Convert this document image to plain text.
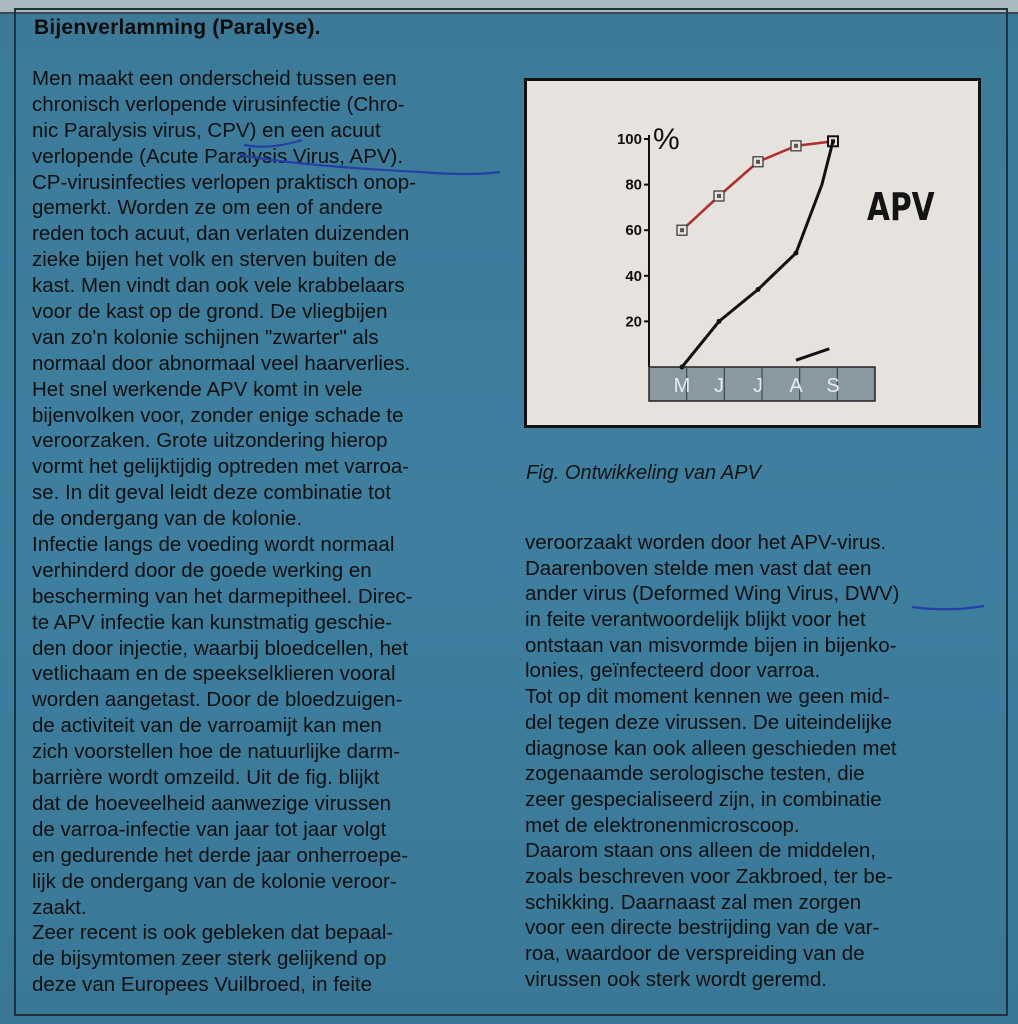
Bijenverlamming (Paralyse).
Men maakt een onderscheid tussen een
chronisch verlopende virusinfectie (Chro-
nic Paralysis virus, CPV) en een acuut
verlopende (Acute Paralysis Virus, APV).
CP-virusinfecties verlopen praktisch onop-
gemerkt. Worden ze om een of andere
reden toch acuut, dan verlaten duizenden
zieke bijen het volk en sterven buiten de
kast. Men vindt dan ook vele krabbelaars
voor de kast op de grond. De vliegbijen
van zo'n kolonie schijnen "zwarter" als
normaal door abnormaal veel haarverlies.
Het snel werkende APV komt in vele
bijenvolken voor, zonder enige schade te
veroorzaken. Grote uitzondering hierop
vormt het gelijktijdig optreden met varroa-
se. In dit geval leidt deze combinatie tot
de ondergang van de kolonie.
Infectie langs de voeding wordt normaal
verhinderd door de goede werking en
bescherming van het darmepitheel. Direc-
te APV infectie kan kunstmatig geschie-
den door injectie, waarbij bloedcellen, het
vetlichaam en de speekselklieren vooral
worden aangetast. Door de bloedzuigen-
de activiteit van de varroamijt kan men
zich voorstellen hoe de natuurlijke darm-
barrière wordt omzeild. Uit de fig. blijkt
dat de hoeveelheid aanwezige virussen
de varroa-infectie van jaar tot jaar volgt
en gedurende het derde jaar onherroepe-
lijk de ondergang van de kolonie veroor-
zaakt.
Zeer recent is ook gebleken dat bepaal-
de bijsymtomen zeer sterk gelijkend op
deze van Europees Vuilbroed, in feite
100
80
60
40
20
%
M J J A S
APV
Fig. Ontwikkeling van APV
veroorzaakt worden door het APV-virus.
Daarenboven stelde men vast dat een
ander virus (Deformed Wing Virus, DWV)
in feite verantwoordelijk blijkt voor het
ontstaan van misvormde bijen in bijenko-
lonies, geïnfecteerd door varroa.
Tot op dit moment kennen we geen mid-
del tegen deze virussen. De uiteindelijke
diagnose kan ook alleen geschieden met
zogenaamde serologische testen, die
zeer gespecialiseerd zijn, in combinatie
met de elektronenmicroscoop.
Daarom staan ons alleen de middelen,
zoals beschreven voor Zakbroed, ter be-
schikking. Daarnaast zal men zorgen
voor een directe bestrijding van de var-
roa, waardoor de verspreiding van de
virussen ook sterk wordt geremd.
